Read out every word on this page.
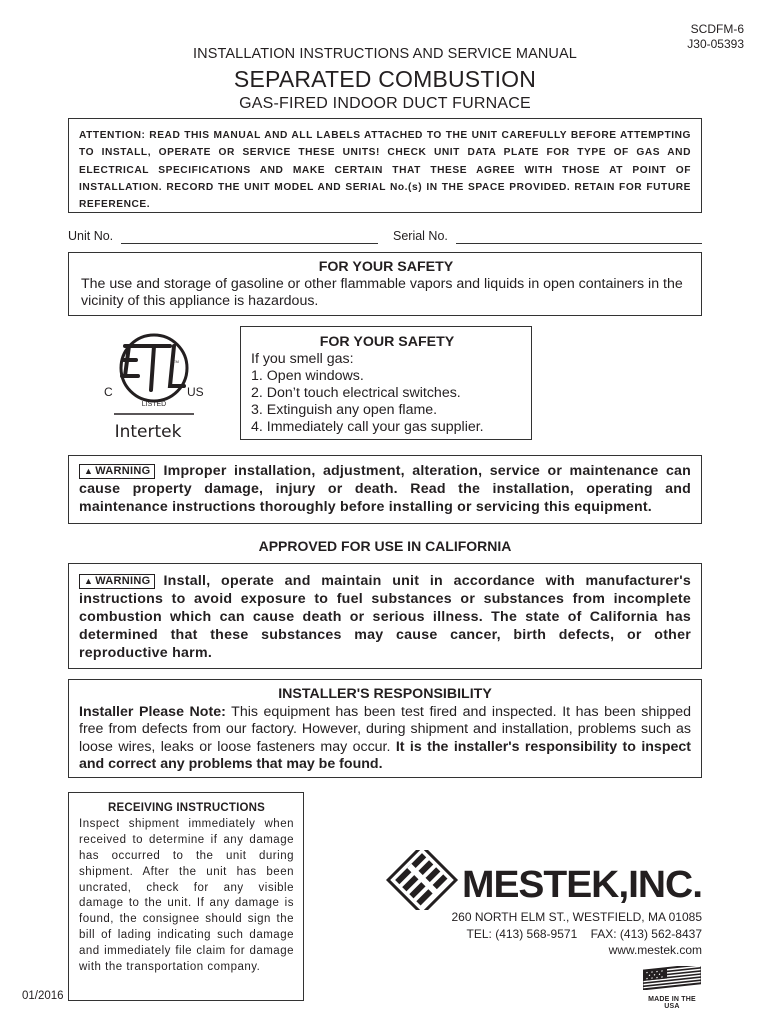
SCDFM-6
J30-05393
INSTALLATION INSTRUCTIONS AND SERVICE MANUAL
SEPARATED COMBUSTION
GAS-FIRED INDOOR DUCT FURNACE
ATTENTION: READ THIS MANUAL AND ALL LABELS ATTACHED TO THE UNIT CAREFULLY BEFORE ATTEMPTING TO INSTALL, OPERATE OR SERVICE THESE UNITS! CHECK UNIT DATA PLATE FOR TYPE OF GAS AND ELECTRICAL SPECIFICATIONS AND MAKE CERTAIN THAT THESE AGREE WITH THOSE AT POINT OF INSTALLATION. RECORD THE UNIT MODEL AND SERIAL No.(s) IN THE SPACE PROVIDED. RETAIN FOR FUTURE REFERENCE.
Unit No.	Serial No.
FOR YOUR SAFETY
The use and storage of gasoline or other flammable vapors and liquids in open containers in the vicinity of this appliance is hazardous.
TM
C	US
LISTED
Intertek
FOR YOUR SAFETY
If you smell gas:
1. Open windows.
2. Don’t touch electrical switches.
3. Extinguish any open flame.
4. Immediately call your gas supplier.
▲ WARNING Improper installation, adjustment, alteration, service or maintenance can cause property damage, injury or death. Read the installation, operating and maintenance instructions thoroughly before installing or servicing this equipment.
APPROVED FOR USE IN CALIFORNIA
▲ WARNING Install, operate and maintain unit in accordance with manufacturer's instructions to avoid exposure to fuel substances or substances from incomplete combustion which can cause death or serious illness. The state of California has determined that these substances may cause cancer, birth defects, or other reproductive harm.
INSTALLER'S RESPONSIBILITY
Installer Please Note: This equipment has been test fired and inspected. It has been shipped free from defects from our factory. However, during shipment and installation, problems such as loose wires, leaks or loose fasteners may occur. It is the installer's responsibility to inspect and correct any problems that may be found.
RECEIVING INSTRUCTIONS
Inspect shipment immediately when received to determine if any damage has occurred to the unit during shipment. After the unit has been uncrated, check for any visible damage to the unit. If any damage is found, the consignee should sign the bill of lading indicating such damage and immediately file claim for damage with the transportation company.
01/2016
MESTEK,INC.
260 NORTH ELM ST., WESTFIELD, MA 01085
TEL: (413) 568-9571    FAX: (413) 562-8437
www.mestek.com
MADE IN THE USA
